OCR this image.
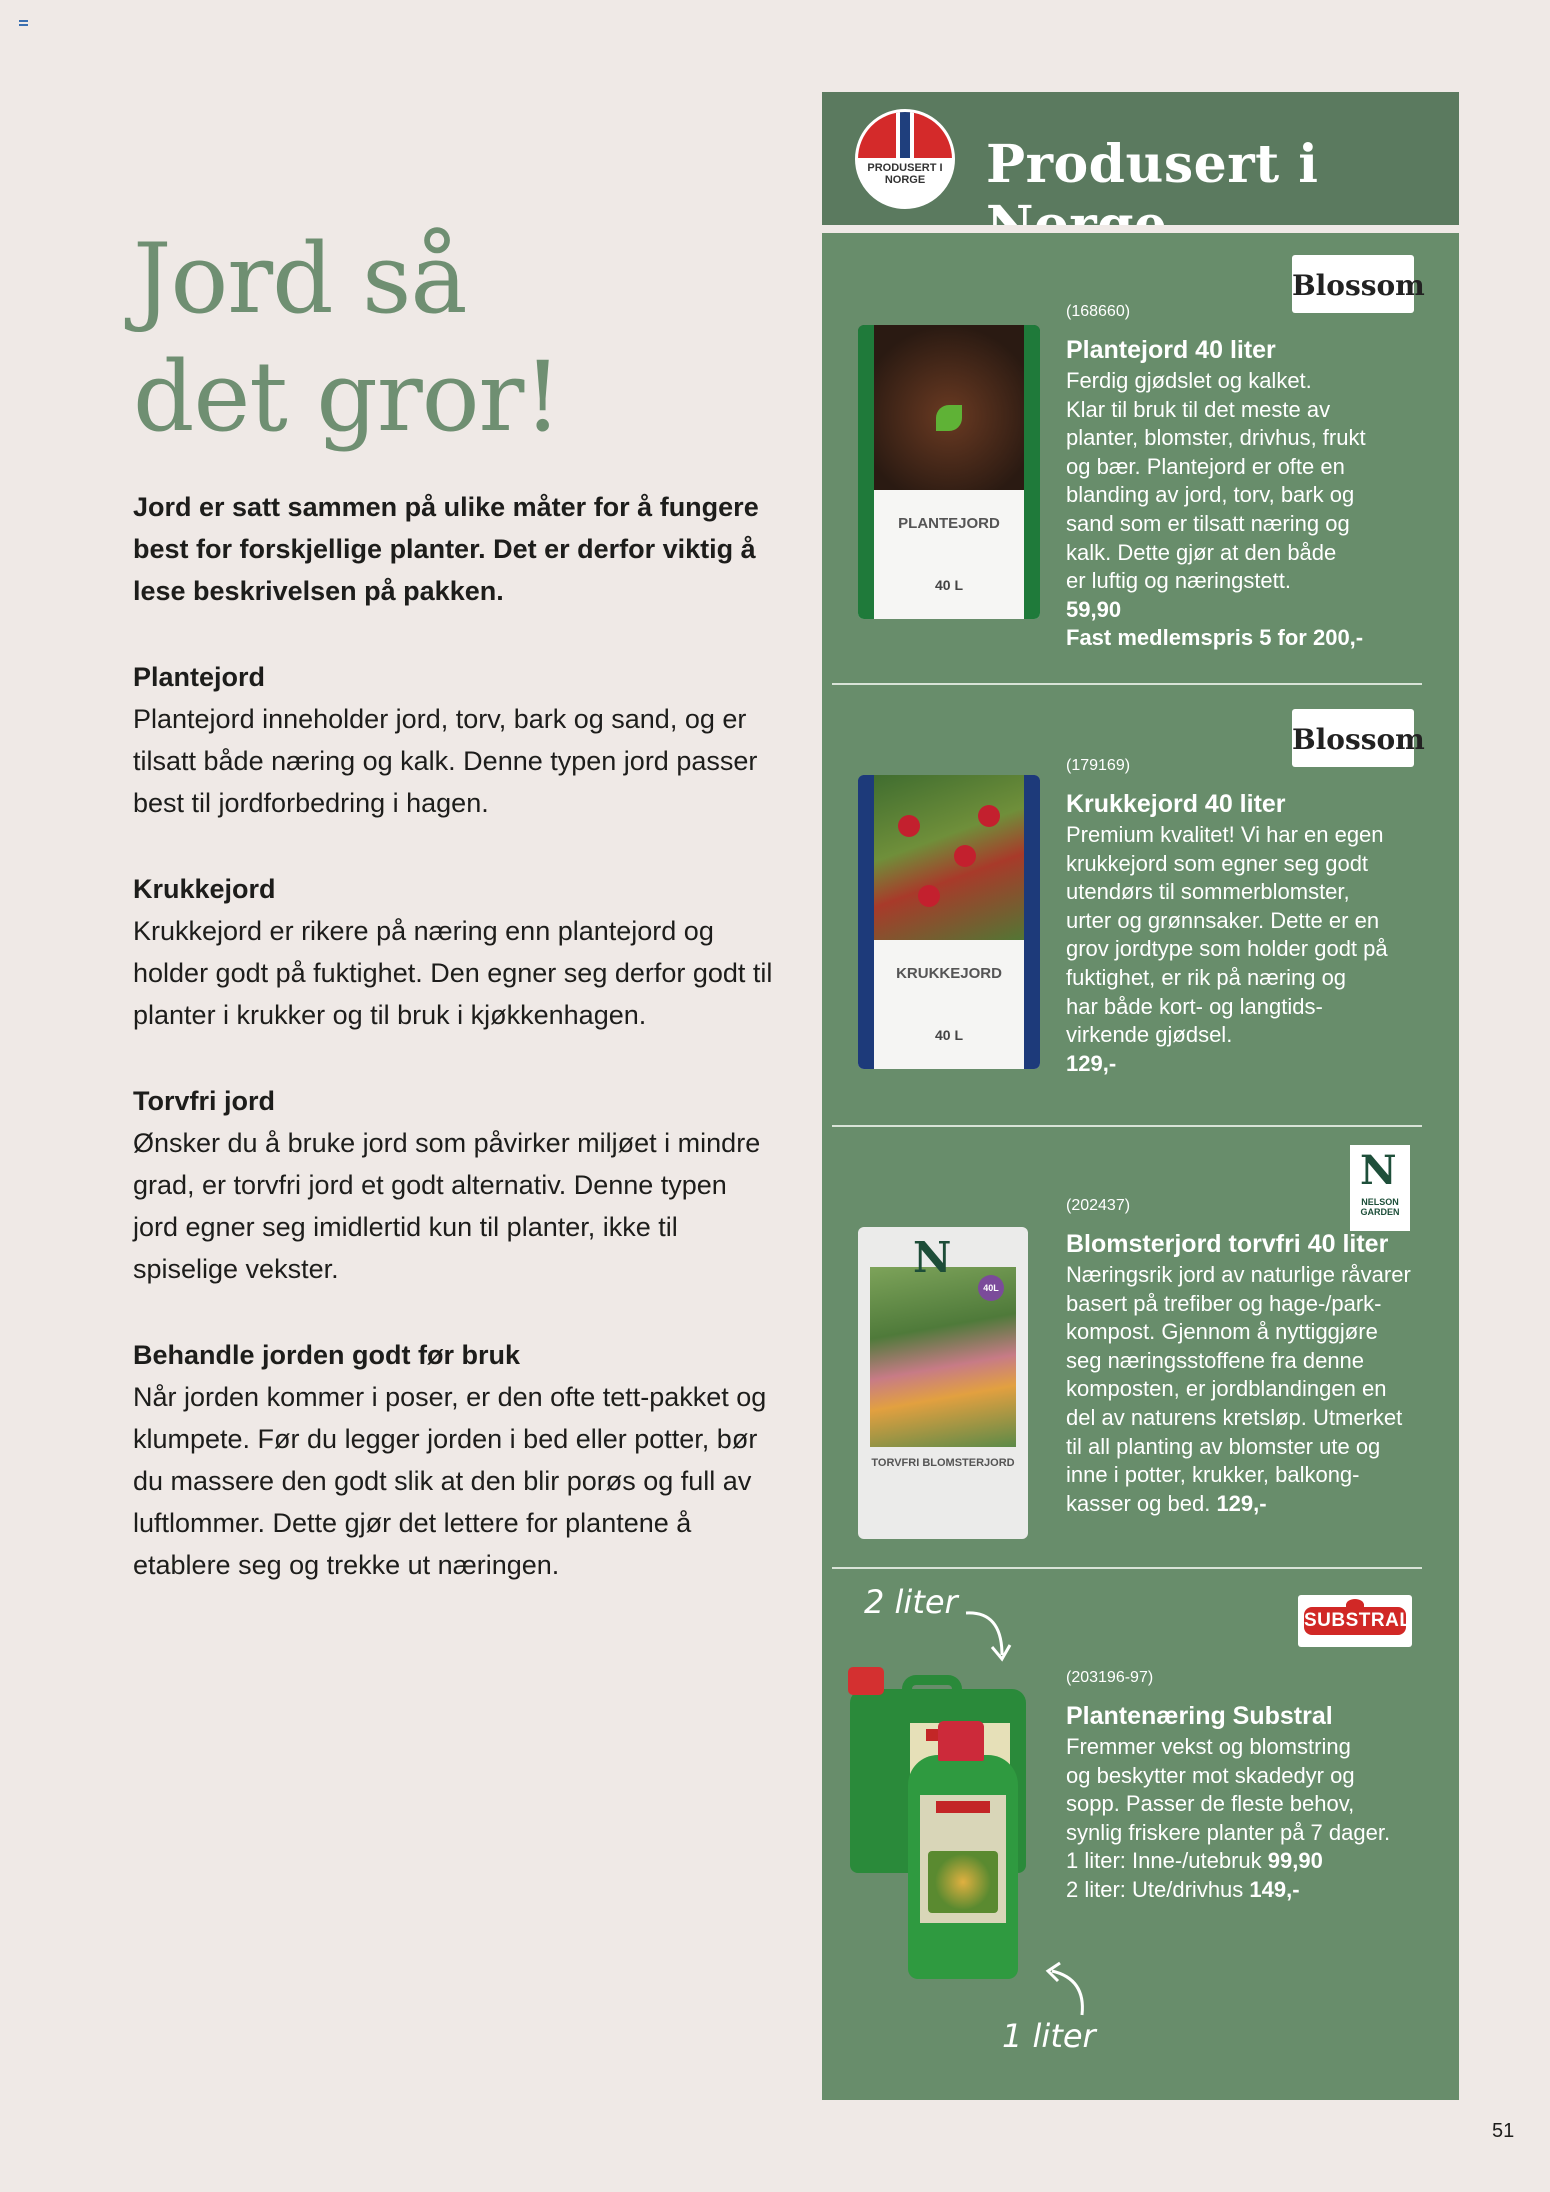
Jord så
det gror!

Jord er satt sammen på ulike måter for å fungere best for forskjellige planter. Det er derfor viktig å lese beskrivelsen på pakken.

Plantejord

Plantejord inneholder jord, torv, bark og sand, og er tilsatt både næring og kalk. Denne typen jord passer best til jordforbedring i hagen.

Krukkejord

Krukkejord er rikere på næring enn plantejord og holder godt på fuktighet. Den egner seg derfor godt til planter i krukker og til bruk i kjøkkenhagen.

Torvfri jord

Ønsker du å bruke jord som påvirker miljøet i mindre grad, er torvfri jord et godt alternativ. Denne typen jord egner seg imidlertid kun til planter, ikke til spiselige vekster.

Behandle jorden godt før bruk

Når jorden kommer i poser, er den ofte tett-pakket og klumpete. Før du legger jorden i bed eller potter, bør du massere den godt slik at den blir porøs og full av luftlommer. Dette gjør det lettere for plantene å etablere seg og trekke ut næringen.

PRODUSERT I NORGE	Produsert i
Blossom
PLANTEJORD
40 L
(168660)
Plantejord 40 liter
Ferdig gjødslet og kalket.
Klar til bruk til det meste av
planter, blomster, drivhus, frukt
og bær. Plantejord er ofte en
blanding av jord, torv, bark og
sand som er tilsatt næring og
kalk. Dette gjør at den både
er luftig og næringstett.
59,90
Fast medlemspris 5 for 200,-
Blossom
KRUKKEJORD
40 L
(179169)
Krukkejord 40 liter
Premium kvalitet! Vi har en egen
krukkejord som egner seg godt
utendørs til sommerblomster,
urter og grønnsaker. Dette er en
grov jordtype som holder godt på
fuktighet, er rik på næring og
har både kort- og langtids-
virkende gjødsel.
129,-
N
NELSON GARDEN
N
40L
TORVFRI BLOMSTERJORD
(202437)
Blomsterjord torvfri 40 liter
Næringsrik jord av naturlige råvarer
basert på trefiber og hage-/park-
kompost. Gjennom å nyttiggjøre
seg næringsstoffene fra denne
komposten, er jordblandingen en
del av naturens kretsløp. Utmerket
til all planting av blomster ute og
inne i potter, krukker, balkong-
kasser og bed. 129,-
SUBSTRAL
2 liter
1 liter
(203196-97)
Plantenæring Substral
Fremmer vekst og blomstring
og beskytter mot skadedyr og
sopp. Passer de fleste behov,
synlig friskere planter på 7 dager.
1 liter: Inne-/utebruk 99,90
2 liter: Ute/drivhus 149,-
51
